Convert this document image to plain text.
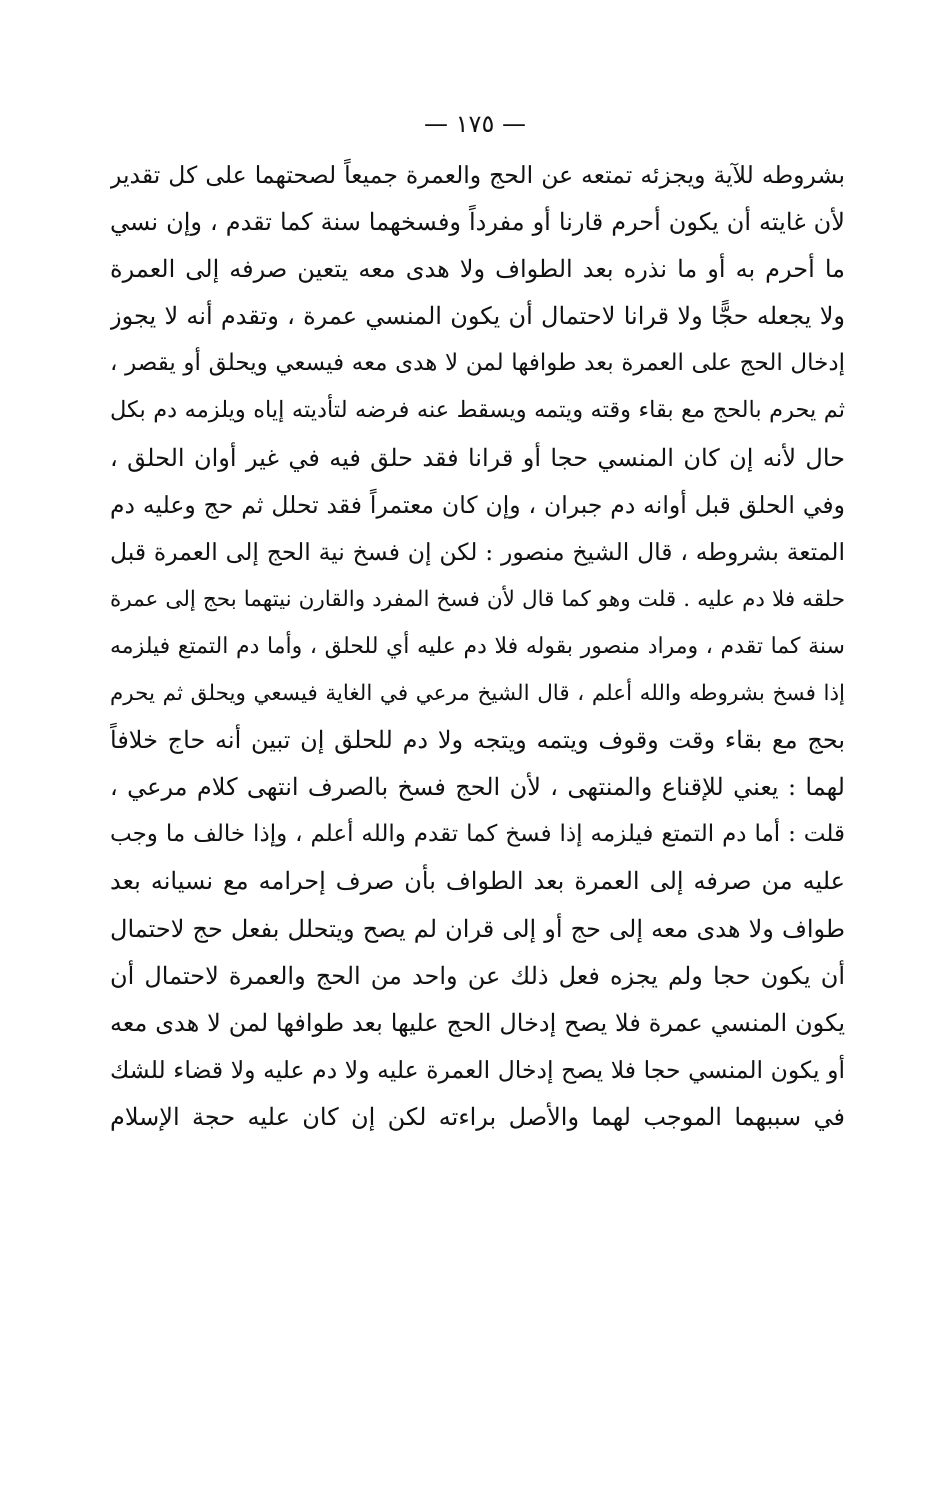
— ١٧٥ —
بشروطه للآية ويجزئه تمتعه عن الحج والعمرة جميعاً لصحتهما على كل تقدير
لأن غايته أن يكون أحرم قارنا أو مفرداً وفسخهما سنة كما تقدم ، وإن نسي
ما أحرم به أو ما نذره بعد الطواف ولا هدى معه يتعين صرفه إلى العمرة
ولا يجعله حجًّا ولا قرانا لاحتمال أن يكون المنسي عمرة ، وتقدم أنه لا يجوز
إدخال الحج على العمرة بعد طوافها لمن لا هدى معه فيسعي ويحلق أو يقصر ،
ثم يحرم بالحج مع بقاء وقته ويتمه ويسقط عنه فرضه لتأديته إياه ويلزمه دم بكل
حال لأنه إن كان المنسي حجا أو قرانا فقد حلق فيه في غير أوان الحلق ،
وفي الحلق قبل أوانه دم جبران ، وإن كان معتمراً فقد تحلل ثم حج وعليه دم
المتعة بشروطه ، قال الشيخ منصور : لكن إن فسخ نية الحج إلى العمرة قبل
حلقه فلا دم عليه . قلت وهو كما قال لأن فسخ المفرد والقارن نيتهما بحج إلى عمرة
سنة كما تقدم ، ومراد منصور بقوله فلا دم عليه أي للحلق ، وأما دم التمتع فيلزمه
إذا فسخ بشروطه والله أعلم ، قال الشيخ مرعي في الغاية فيسعي ويحلق ثم يحرم
بحج مع بقاء وقت وقوف ويتمه ويتجه ولا دم للحلق إن تبين أنه حاج خلافاً
لهما : يعني للإقناع والمنتهى ، لأن الحج فسخ بالصرف انتهى كلام مرعي ،
قلت : أما دم التمتع فيلزمه إذا فسخ كما تقدم والله أعلم ، وإذا خالف ما وجب
عليه من صرفه إلى العمرة بعد الطواف بأن صرف إحرامه مع نسيانه بعد
طواف ولا هدى معه إلى حج أو إلى قران لم يصح ويتحلل بفعل حج لاحتمال
أن يكون حجا ولم يجزه فعل ذلك عن واحد من الحج والعمرة لاحتمال أن
يكون المنسي عمرة فلا يصح إدخال الحج عليها بعد طوافها لمن لا هدى معه
أو يكون المنسي حجا فلا يصح إدخال العمرة عليه ولا دم عليه ولا قضاء للشك
في سببهما الموجب لهما والأصل براءته لكن إن كان عليه حجة الإسلام
